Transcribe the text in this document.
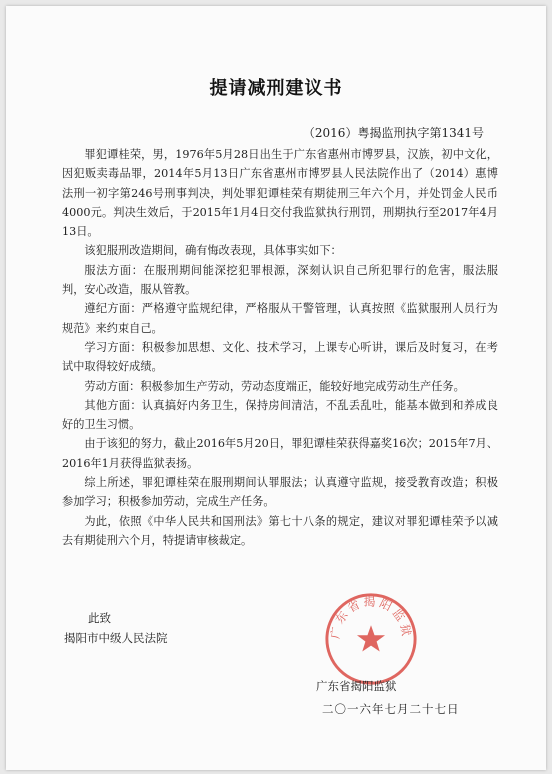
提请减刑建议书
（2016）粤揭监刑执字第1341号

罪犯谭桂荣，男，1976年5月28日出生于广东省惠州市博罗县，汉族，初中文化，因犯贩卖毒品罪，2014年5月13日广东省惠州市博罗县人民法院作出了（2014）惠博法刑一初字第246号刑事判决，判处罪犯谭桂荣有期徒刑三年六个月，并处罚金人民币4000元。判决生效后，于2015年1月4日交付我监狱执行刑罚，刑期执行至2017年4月13日。

该犯服刑改造期间，确有悔改表现，具体事实如下：

服法方面：在服刑期间能深挖犯罪根源，深刻认识自己所犯罪行的危害，服法服判，安心改造，服从管教。

遵纪方面：严格遵守监规纪律，严格服从干警管理，认真按照《监狱服刑人员行为规范》来约束自己。

学习方面：积极参加思想、文化、技术学习，上课专心听讲，课后及时复习，在考试中取得较好成绩。

劳动方面：积极参加生产劳动，劳动态度端正，能较好地完成劳动生产任务。

其他方面：认真搞好内务卫生，保持房间清洁，不乱丢乱吐，能基本做到和养成良好的卫生习惯。

由于该犯的努力，截止2016年5月20日，罪犯谭桂荣获得嘉奖16次；2015年7月、2016年1月获得监狱表扬。

综上所述，罪犯谭桂荣在服刑期间认罪服法；认真遵守监规，接受教育改造；积极参加学习；积极参加劳动，完成生产任务。

为此，依照《中华人民共和国刑法》第七十八条的规定，建议对罪犯谭桂荣予以减去有期徒刑六个月，特提请审核裁定。

此致
揭阳市中级人民法院	广东省揭阳监狱
广东省揭阳监狱
二〇一六年七月二十七日
